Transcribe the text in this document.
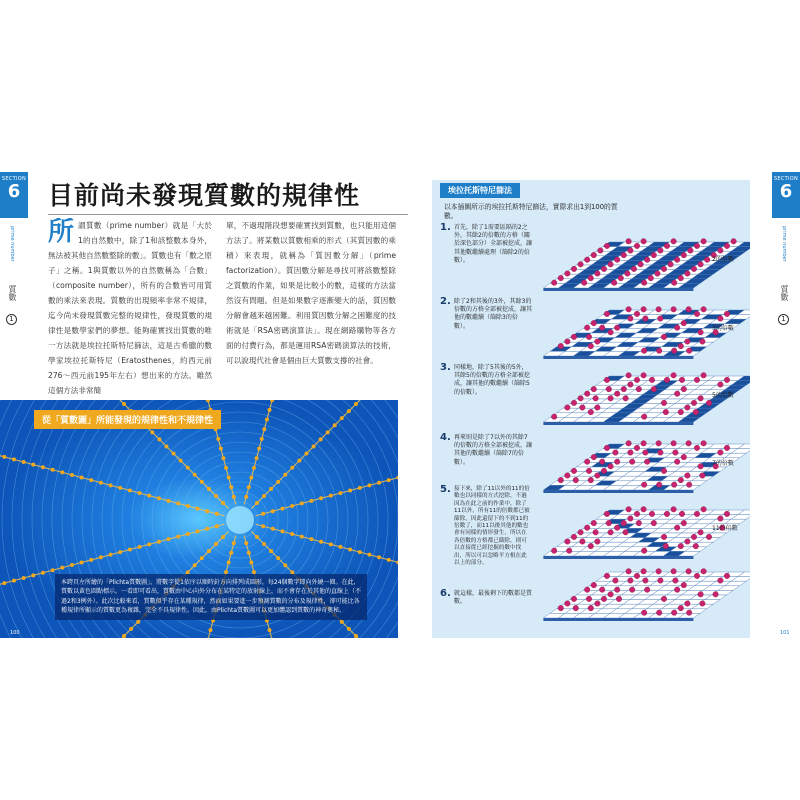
SECTION
6
prime number
質數
1
SECTION
6
prime number
質數
1
目前尚未發現質數的規律性
所 謂質數（prime number）就是「大於1的自然數中，除了1和該整數本身外，無法被其他自然數整除的數」。質數也有「數之原子」之稱。1與質數以外的自然數稱為「合數」（composite number），所有的合數皆可用質數的乘法來表現。質數的出現頻率非常不規律，迄今尚未發現質數完整的規律性，發現質數的規律性是數學家們的夢想。能夠確實找出質數的唯一方法就是埃拉托斯特尼篩法，這是古希臘的數學家埃拉托斯特尼（Eratosthenes，約西元前276～西元前195年左右）想出來的方法。雖然這個方法非常簡
單，不過現階段想要確實找到質數，也只能用這個方法了。將某數以質數相乘的形式（其質因數的乘積）來表現，就稱為「質因數分解」（prime factorization）。質因數分解是尋找可將該數整除之質數的作業，如果是比較小的數，這樣的方法當然沒有問題。但是如果數字逐漸變大的話，質因數分解會越來越困難。利用質因數分解之困難度的技術就是「RSA密碼演算法」。現在網路購物等各方面的付費行為，都是運用RSA密碼演算法的技術，可以說現代社會是個由巨大質數支撐的社會。
從「質數圖」所能發現的規律性和不規律性
本跨頁左所繪的「Plichta質數圖」，將數字從1依序以順時針方向排列成圓形，每24個數字即向外繞一圈。在此，質數以黃色圓點標示。一看即可看出，質數由中心向外分布在某特定的放射線上，而不會存在於其他的直線上（不過2和3例外）。此次比較來看，質數似乎存在某種規律，然而如果要進一步預測質數的分布及規律性，卻可能比各種規律所顯示的質數更為複雜，完全不具規律性。因此，由Plichta質數圖可以更加體認到質數的神奇奧秘。
100	101
埃拉托斯特尼篩法
以本插圖所示的埃拉托斯特尼篩法，實際求出1到100的質數。
1. 首先，除了1需要區隔的2之外，其餘2的倍數的方格（關於深色部分）全部被挖成，讓其他數繼續處理（篩除2的倍數）。
2. 除了2和其後的3外，其餘3的倍數的方格全部被挖成，讓其他的數繼續（篩除3的倍數）。
3. 同樣地，除了5其後的5外，其餘5的倍數的方格全部被挖成，讓其他的數繼續（篩除5的倍數）。
4. 再來則是除了7以外的其餘7的倍數的方格全部被挖成，讓其他的數繼續（篩除7的倍數）。
5. 接下來，除了11以外的11的倍數也以同樣的方式挖除，不過因為在此之前的作業中，除了11以外，所有11的倍數都已被篩除，因此還留下的不到11的倍數了，而11以後其他的數也會有同樣的情形發生，所以在各倍數的方格都已篩除，則可以直接從已經挖掘的數中找出，所以可以忽略平方根在此以上的部分。
6. 就這樣，最後剩下的數都是質數。
2的倍數
3的倍數
5的倍數
7的倍數
11的倍數
